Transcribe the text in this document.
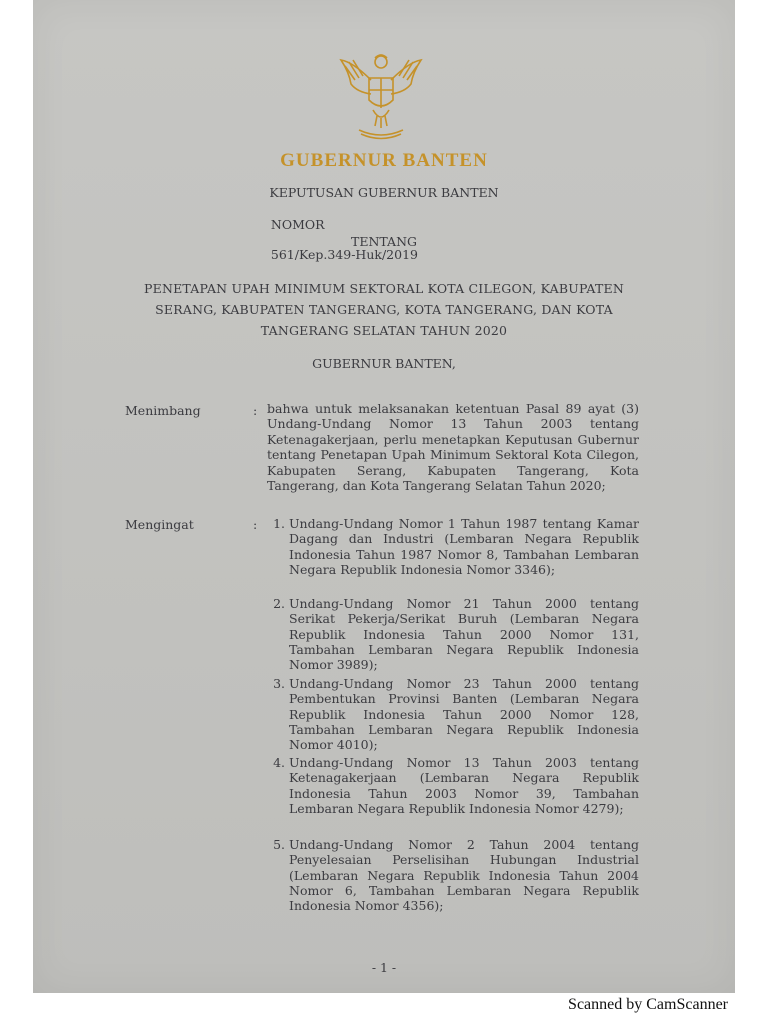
GUBERNUR BANTEN
KEPUTUSAN GUBERNUR BANTEN

NOMOR

561/Kep.349-Huk/2019

TENTANG
PENETAPAN UPAH MINIMUM SEKTORAL KOTA CILEGON, KABUPATEN SERANG, KABUPATEN TANGERANG, KOTA TANGERANG, DAN KOTA TANGERANG SELATAN TAHUN 2020
GUBERNUR BANTEN,
Menimbang	: bahwa untuk melaksanakan ketentuan Pasal 89 ayat (3) Undang-Undang Nomor 13 Tahun 2003 tentang Ketenagakerjaan, perlu menetapkan Keputusan Gubernur tentang Penetapan Upah Minimum Sektoral Kota Cilegon, Kabupaten Serang, Kabupaten Tangerang, Kota Tangerang, dan Kota Tangerang Selatan Tahun 2020;

Mengingat	:	1. Undang-Undang Nomor 1 Tahun 1987 tentang Kamar Dagang dan Industri (Lembaran Negara Republik Indonesia Tahun 1987 Nomor 8, Tambahan Lembaran Negara Republik Indonesia Nomor 3346);
2. Undang-Undang Nomor 21 Tahun 2000 tentang Serikat Pekerja/Serikat Buruh (Lembaran Negara Republik Indonesia Tahun 2000 Nomor 131, Tambahan Lembaran Negara Republik Indonesia Nomor 3989);
3. Undang-Undang Nomor 23 Tahun 2000 tentang Pembentukan Provinsi Banten (Lembaran Negara Republik Indonesia Tahun 2000 Nomor 128, Tambahan Lembaran Negara Republik Indonesia Nomor 4010);
4. Undang-Undang Nomor 13 Tahun 2003 tentang Ketenagakerjaan (Lembaran Negara Republik Indonesia Tahun 2003 Nomor 39, Tambahan Lembaran Negara Republik Indonesia Nomor 4279);
5. Undang-Undang Nomor 2 Tahun 2004 tentang Penyelesaian Perselisihan Hubungan Industrial (Lembaran Negara Republik Indonesia Tahun 2004 Nomor 6, Tambahan Lembaran Negara Republik Indonesia Nomor 4356);
- 1 -
Scanned by CamScanner
